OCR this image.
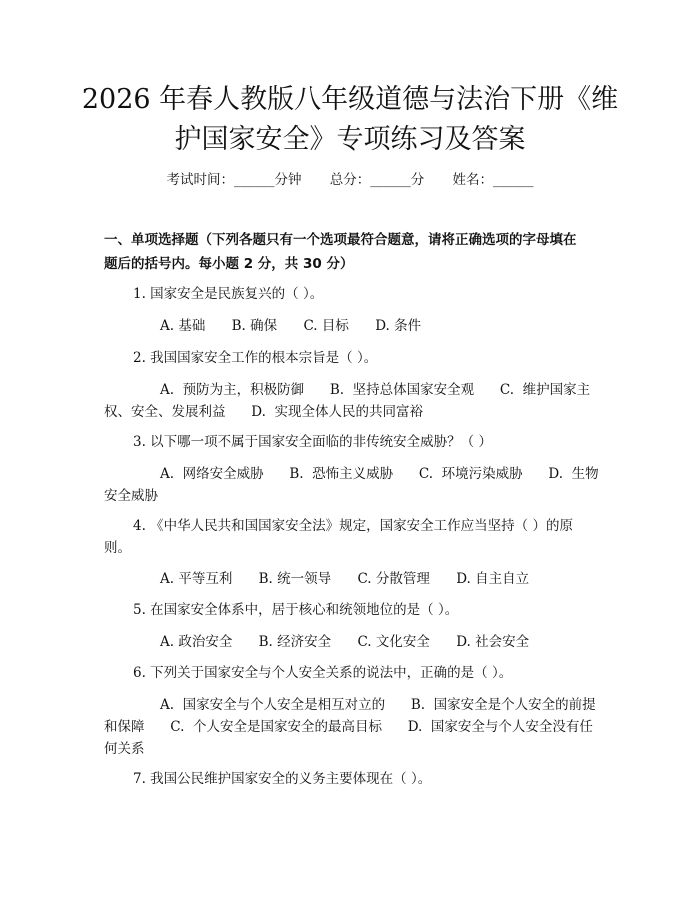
2026 年春人教版八年级道德与法治下册《维
护国家安全》专项练习及答案
考试时间：______分钟 总分：______分 姓名：______
一、单项选择题（下列各题只有一个选项最符合题意，请将正确选项的字母填在
题后的括号内。每小题 2 分，共 30 分）
1. 国家安全是民族复兴的（ ）。
A. 基础 B. 确保 C. 目标 D. 条件
2. 我国国家安全工作的根本宗旨是（ ）。
A.  预防为主，积极防御      B.  坚持总体国家安全观      C.  维护国家主
权、安全、发展利益      D.  实现全体人民的共同富裕
3. 以下哪一项不属于国家安全面临的非传统安全威胁？（ ）
A.  网络安全威胁      B.  恐怖主义威胁      C.  环境污染威胁      D.  生物
安全威胁
4. 《中华人民共和国国家安全法》规定，国家安全工作应当坚持（ ）的原
则。
A. 平等互利 B. 统一领导 C. 分散管理 D. 自主自立
5. 在国家安全体系中，居于核心和统领地位的是（ ）。
A. 政治安全 B. 经济安全 C. 文化安全 D. 社会安全
6. 下列关于国家安全与个人安全关系的说法中，正确的是（ ）。
A.  国家安全与个人安全是相互对立的      B.  国家安全是个人安全的前提
和保障      C.  个人安全是国家安全的最高目标      D.  国家安全与个人安全没有任
何关系
7. 我国公民维护国家安全的义务主要体现在（ ）。
